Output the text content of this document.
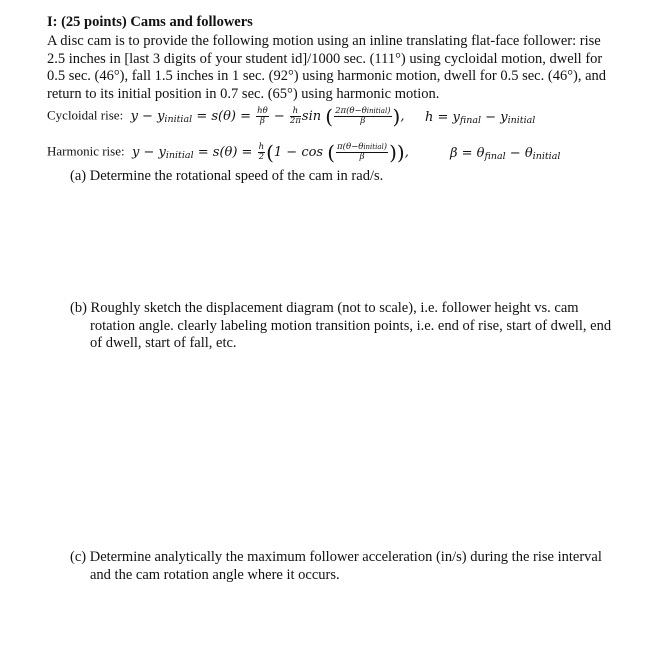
I: (25 points) Cams and followers
A disc cam is to provide the following motion using an inline translating flat-face follower: rise 2.5 inches in [last 3 digits of your student id]/1000 sec. (111°) using cycloidal motion, dwell for 0.5 sec. (46°), fall 1.5 inches in 1 sec. (92°) using harmonic motion, dwell for 0.5 sec. (46°), and return to its initial position in 0.7 sec. (65°) using harmonic motion.
Cycloidal rise:  $y - y_{initial} = s(\theta) = \frac{h\theta}{\beta} - \frac{h}{2\pi}$ sin ( $\frac{\text{2π(θ−θinitial)}}{\beta}$ ), $h = y_{final} - y_{initial}$
Harmonic rise:  $y - y_{initial} = s(\theta) = \frac{h}{2} (1 - \cos$ ( $\frac{\text{π(θ−θinitial)}}{\beta}$ )),	$\beta = \theta_{final} - \theta_{initial}$
(a) Determine the rotational speed of the cam in rad/s.
(b) Roughly sketch the displacement diagram (not to scale), i.e. follower height vs. cam rotation angle. clearly labeling motion transition points, i.e. end of rise, start of dwell, end of dwell, start of fall, etc.
(c) Determine analytically the maximum follower acceleration (in/s) during the rise interval and the cam rotation angle where it occurs.
